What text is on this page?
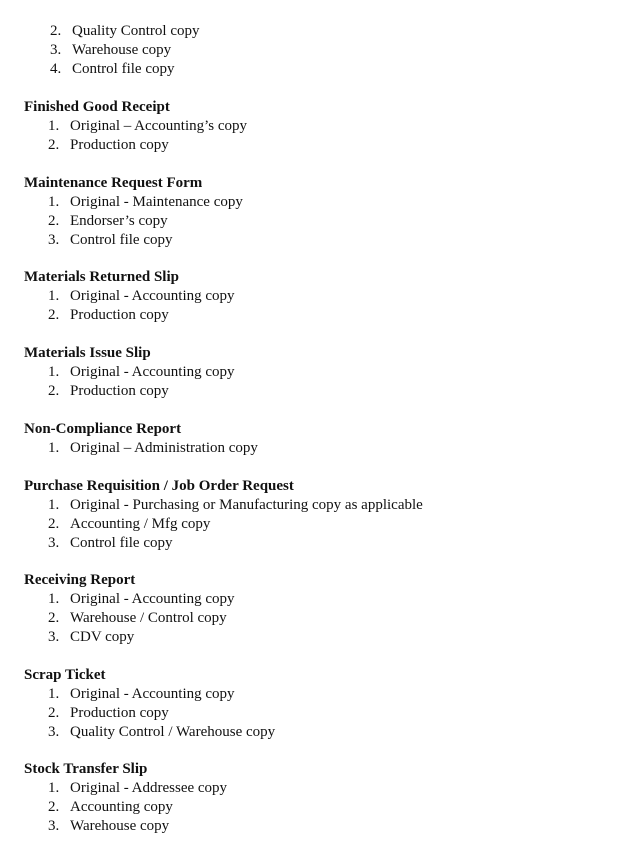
2. Quality Control copy
3. Warehouse copy
4. Control file copy
Finished Good Receipt
1. Original – Accounting’s copy
2. Production copy
Maintenance Request Form
1. Original - Maintenance copy
2. Endorser’s copy
3. Control file copy
Materials Returned Slip
1. Original - Accounting copy
2. Production copy
Materials Issue Slip
1. Original - Accounting copy
2. Production copy
Non-Compliance Report
1. Original – Administration copy
Purchase Requisition / Job Order Request
1. Original - Purchasing or Manufacturing copy as applicable
2. Accounting / Mfg copy
3. Control file copy
Receiving Report
1. Original - Accounting copy
2. Warehouse / Control copy
3. CDV copy
Scrap Ticket
1. Original - Accounting copy
2. Production copy
3. Quality Control / Warehouse copy
Stock Transfer Slip
1. Original - Addressee copy
2. Accounting copy
3. Warehouse copy
